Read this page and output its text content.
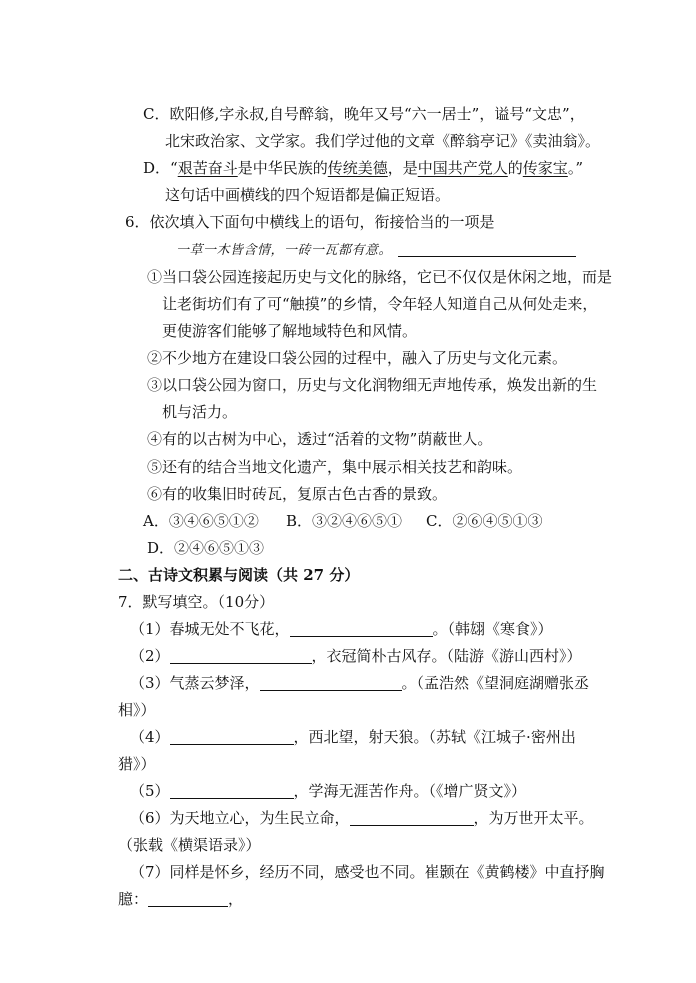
C．欧阳修,字永叔,自号醉翁，晚年又号“六一居士”，谥号“文忠”，
北宋政治家、文学家。我们学过他的文章《醉翁亭记》《卖油翁》。
D．“艰苦奋斗是中华民族的传统美德，是中国共产党人的传家宝。”
这句话中画横线的四个短语都是偏正短语。
6．依次填入下面句中横线上的语句，衔接恰当的一项是
一草一木皆含情，一砖一瓦都有意。
①当口袋公园连接起历史与文化的脉络，它已不仅仅是休闲之地，而是
让老街坊们有了可“触摸”的乡情，令年轻人知道自己从何处走来，
更使游客们能够了解地域特色和风情。
②不少地方在建设口袋公园的过程中，融入了历史与文化元素。
③以口袋公园为窗口，历史与文化润物细无声地传承，焕发出新的生
机与活力。
④有的以古树为中心，透过“活着的文物”荫蔽世人。
⑤还有的结合当地文化遗产，集中展示相关技艺和韵味。
⑥有的收集旧时砖瓦，复原古色古香的景致。
A．③④⑥⑤①② B．③②④⑥⑤① C．②⑥④⑤①③
D．②④⑥⑤①③
二、古诗文积累与阅读（共 27 分）
7．默写填空。（10分）
（1）春城无处不飞花，	。（韩翃《寒食》）
（2）	，衣冠简朴古风存。（陆游《游山西村》）
（3）气蒸云梦泽，	。（孟浩然《望洞庭湖赠张丞
相》）
（4）	，西北望，射天狼。（苏轼《江城子·密州出
猎》）
（5）	，学海无涯苦作舟。（《增广贤文》）
（6）为天地立心，为生民立命，	，为万世开太平。
（张载《横渠语录》）
（7）同样是怀乡，经历不同，感受也不同。崔颢在《黄鹤楼》中直抒胸
臆：	，
